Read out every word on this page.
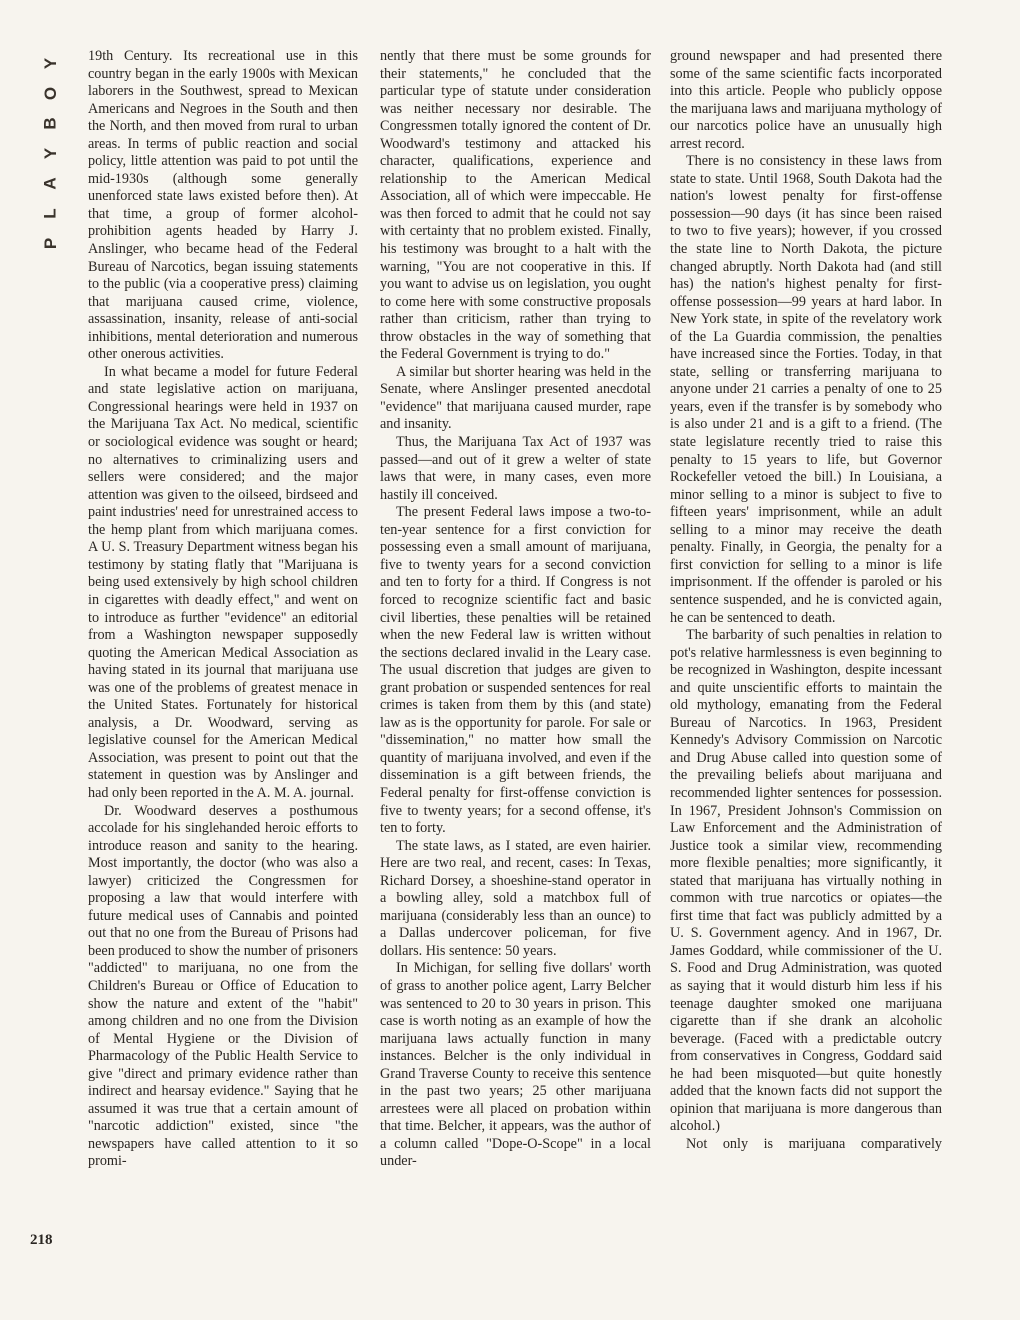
Y
O
B
Y
A
L
P
218

19th Century. Its recreational use in this country began in the early 1900s with Mexican laborers in the Southwest, spread to Mexican Americans and Negroes in the South and then the North, and then moved from rural to urban areas. In terms of public reaction and social policy, little attention was paid to pot until the mid-1930s (although some generally unenforced state laws existed before then). At that time, a group of former alcohol-prohibition agents headed by Harry J. Anslinger, who became head of the Federal Bureau of Narcotics, began issuing statements to the public (via a cooperative press) claiming that marijuana caused crime, violence, assassination, insanity, release of anti-social inhibitions, mental deterioration and numerous other onerous activities.

In what became a model for future Federal and state legislative action on marijuana, Congressional hearings were held in 1937 on the Marijuana Tax Act. No medical, scientific or sociological evidence was sought or heard; no alternatives to criminalizing users and sellers were considered; and the major attention was given to the oilseed, birdseed and paint industries' need for unrestrained access to the hemp plant from which marijuana comes. A U. S. Treasury Department witness began his testimony by stating flatly that "Marijuana is being used extensively by high school children in cigarettes with deadly effect," and went on to introduce as further "evidence" an editorial from a Washington newspaper supposedly quoting the American Medical Association as having stated in its journal that marijuana use was one of the problems of greatest menace in the United States. Fortunately for historical analysis, a Dr. Woodward, serving as legislative counsel for the American Medical Association, was present to point out that the statement in question was by Anslinger and had only been reported in the A. M. A. journal.

Dr. Woodward deserves a posthumous accolade for his singlehanded heroic efforts to introduce reason and sanity to the hearing. Most importantly, the doctor (who was also a lawyer) criticized the Congressmen for proposing a law that would interfere with future medical uses of Cannabis and pointed out that no one from the Bureau of Prisons had been produced to show the number of prisoners "addicted" to marijuana, no one from the Children's Bureau or Office of Education to show the nature and extent of the "habit" among children and no one from the Division of Mental Hygiene or the Division of Pharmacology of the Public Health Service to give "direct and primary evidence rather than indirect and hearsay evidence." Saying that he assumed it was true that a certain amount of "narcotic addiction" existed, since "the newspapers have called attention to it so promi-

nently that there must be some grounds for their statements," he concluded that the particular type of statute under consideration was neither necessary nor desirable. The Congressmen totally ignored the content of Dr. Woodward's testimony and attacked his character, qualifications, experience and relationship to the American Medical Association, all of which were impeccable. He was then forced to admit that he could not say with certainty that no problem existed. Finally, his testimony was brought to a halt with the warning, "You are not cooperative in this. If you want to advise us on legislation, you ought to come here with some constructive proposals rather than criticism, rather than trying to throw obstacles in the way of something that the Federal Government is trying to do."

A similar but shorter hearing was held in the Senate, where Anslinger presented anecdotal "evidence" that marijuana caused murder, rape and insanity.

Thus, the Marijuana Tax Act of 1937 was passed—and out of it grew a welter of state laws that were, in many cases, even more hastily ill conceived.

The present Federal laws impose a two-to-ten-year sentence for a first conviction for possessing even a small amount of marijuana, five to twenty years for a second conviction and ten to forty for a third. If Congress is not forced to recognize scientific fact and basic civil liberties, these penalties will be retained when the new Federal law is written without the sections declared invalid in the Leary case. The usual discretion that judges are given to grant probation or suspended sentences for real crimes is taken from them by this (and state) law as is the opportunity for parole. For sale or "dissemination," no matter how small the quantity of marijuana involved, and even if the dissemination is a gift between friends, the Federal penalty for first-offense conviction is five to twenty years; for a second offense, it's ten to forty.

The state laws, as I stated, are even hairier. Here are two real, and recent, cases: In Texas, Richard Dorsey, a shoeshine-stand operator in a bowling alley, sold a matchbox full of marijuana (considerably less than an ounce) to a Dallas undercover policeman, for five dollars. His sentence: 50 years.

In Michigan, for selling five dollars' worth of grass to another police agent, Larry Belcher was sentenced to 20 to 30 years in prison. This case is worth noting as an example of how the marijuana laws actually function in many instances. Belcher is the only individual in Grand Traverse County to receive this sentence in the past two years; 25 other marijuana arrestees were all placed on probation within that time. Belcher, it appears, was the author of a column called "Dope-O-Scope" in a local under-

ground newspaper and had presented there some of the same scientific facts incorporated into this article. People who publicly oppose the marijuana laws and marijuana mythology of our narcotics police have an unusually high arrest record.

There is no consistency in these laws from state to state. Until 1968, South Dakota had the nation's lowest penalty for first-offense possession—90 days (it has since been raised to two to five years); however, if you crossed the state line to North Dakota, the picture changed abruptly. North Dakota had (and still has) the nation's highest penalty for first-offense possession—99 years at hard labor. In New York state, in spite of the revelatory work of the La Guardia commission, the penalties have increased since the Forties. Today, in that state, selling or transferring marijuana to anyone under 21 carries a penalty of one to 25 years, even if the transfer is by somebody who is also under 21 and is a gift to a friend. (The state legislature recently tried to raise this penalty to 15 years to life, but Governor Rockefeller vetoed the bill.) In Louisiana, a minor selling to a minor is subject to five to fifteen years' imprisonment, while an adult selling to a minor may receive the death penalty. Finally, in Georgia, the penalty for a first conviction for selling to a minor is life imprisonment. If the offender is paroled or his sentence suspended, and he is convicted again, he can be sentenced to death.

The barbarity of such penalties in relation to pot's relative harmlessness is even beginning to be recognized in Washington, despite incessant and quite unscientific efforts to maintain the old mythology, emanating from the Federal Bureau of Narcotics. In 1963, President Kennedy's Advisory Commission on Narcotic and Drug Abuse called into question some of the prevailing beliefs about marijuana and recommended lighter sentences for possession. In 1967, President Johnson's Commission on Law Enforcement and the Administration of Justice took a similar view, recommending more flexible penalties; more significantly, it stated that marijuana has virtually nothing in common with true narcotics or opiates—the first time that fact was publicly admitted by a U. S. Government agency. And in 1967, Dr. James Goddard, while commissioner of the U. S. Food and Drug Administration, was quoted as saying that it would disturb him less if his teenage daughter smoked one marijuana cigarette than if she drank an alcoholic beverage. (Faced with a predictable outcry from conservatives in Congress, Goddard said he had been misquoted—but quite honestly added that the known facts did not support the opinion that marijuana is more dangerous than alcohol.)

Not only is marijuana comparatively
